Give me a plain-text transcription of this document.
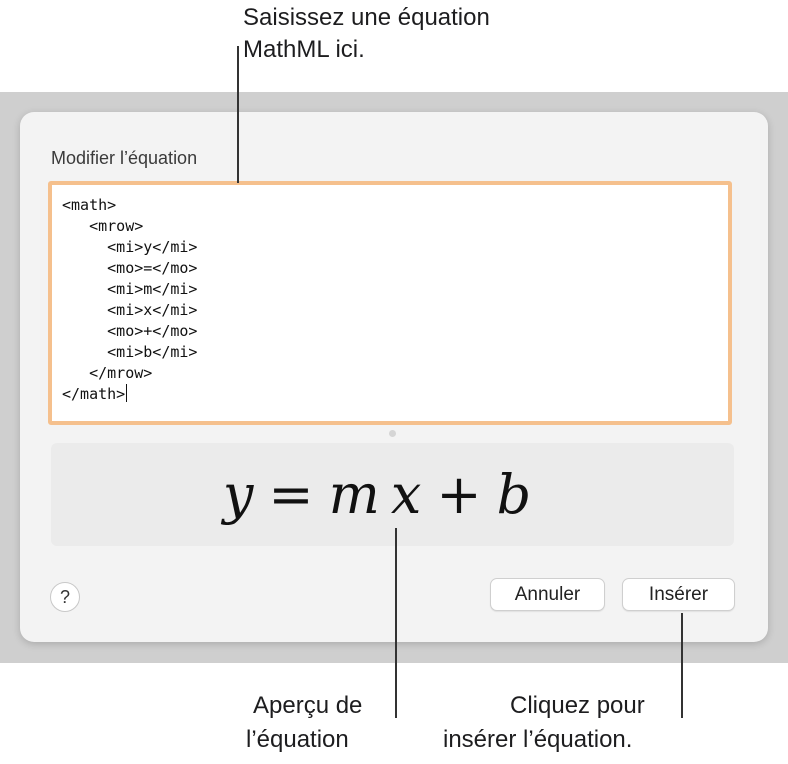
Modifier l’équation
<math>
<mrow>
<mi>y</mi>
<mo>=</mo>
<mi>m</mi>
<mi>x</mi>
<mo>+</mo>
<mi>b</mi>
</mrow>
</math>
y = m x + b
?	Annuler	Insérer
Saisissez une équation
MathML ici.
Aperçu de
l’équation
Cliquez pour
insérer l’équation.
